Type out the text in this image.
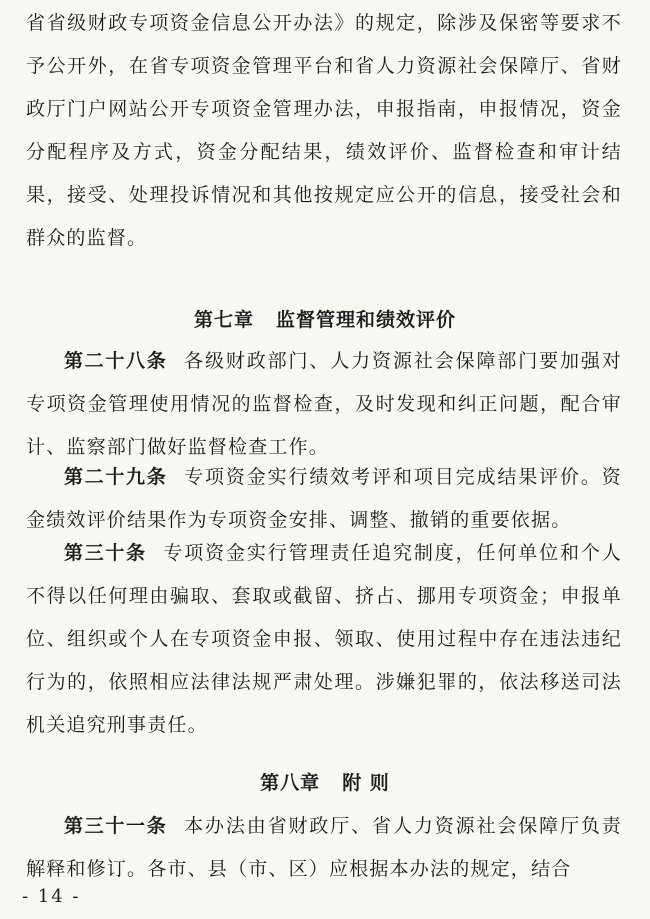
省省级财政专项资金信息公开办法》的规定，除涉及保密等要求不予公开外，在省专项资金管理平台和省人力资源社会保障厅、省财政厅门户网站公开专项资金管理办法，申报指南，申报情况，资金分配程序及方式，资金分配结果，绩效评价、监督检查和审计结果，接受、处理投诉情况和其他按规定应公开的信息，接受社会和群众的监督。

第七章 监督管理和绩效评价

第二十八条 各级财政部门、人力资源社会保障部门要加强对专项资金管理使用情况的监督检查，及时发现和纠正问题，配合审计、监察部门做好监督检查工作。

第二十九条 专项资金实行绩效考评和项目完成结果评价。资金绩效评价结果作为专项资金安排、调整、撤销的重要依据。

第三十条 专项资金实行管理责任追究制度，任何单位和个人不得以任何理由骗取、套取或截留、挤占、挪用专项资金；申报单位、组织或个人在专项资金申报、领取、使用过程中存在违法违纪行为的，依照相应法律法规严肃处理。涉嫌犯罪的，依法移送司法机关追究刑事责任。

第八章 附 则

第三十一条 本办法由省财政厅、省人力资源社会保障厅负责解释和修订。各市、县（市、区）应根据本办法的规定，结合

- 14 -
